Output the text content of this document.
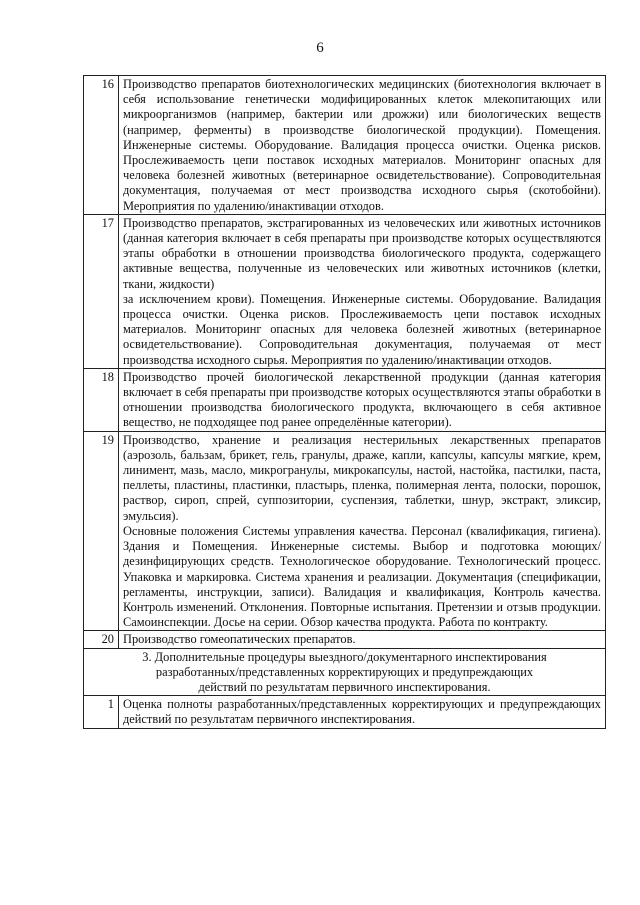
6
16	Производство препаратов биотехнологических медицинских (биотехнология включает в себя использование генетически модифицированных клеток млекопитающих или микроорганизмов (например, бактерии или дрожжи) или биологических веществ (например, ферменты) в производстве биологической продукции). Помещения. Инженерные системы. Оборудование. Валидация процесса очистки. Оценка рисков. Прослеживаемость цепи поставок исходных материалов. Мониторинг опасных для человека болезней животных (ветеринарное освидетельствование). Сопроводительная документация, получаемая от мест производства исходного сырья (скотобойни). Мероприятия по удалению/инактивации отходов.

17	Производство препаратов, экстрагированных из человеческих или животных источников (данная категория включает в себя препараты при производстве которых осуществляются этапы обработки в отношении производства биологического продукта, содержащего активные вещества, полученные из человеческих или животных источников (клетки, ткани, жидкости)
за исключением крови). Помещения. Инженерные системы. Оборудование. Валидация процесса очистки. Оценка рисков. Прослеживаемость цепи поставок исходных материалов. Мониторинг опасных для человека болезней животных (ветеринарное освидетельствование). Сопроводительная документация, получаемая от мест производства исходного сырья. Мероприятия по удалению/инактивации отходов.

18	Производство прочей биологической лекарственной продукции (данная категория включает в себя препараты при производстве которых осуществляются этапы обработки в отношении производства биологического продукта, включающего в себя активное вещество, не подходящее под ранее определённые категории).

19	Производство, хранение и реализация нестерильных лекарственных препаратов (аэрозоль, бальзам, брикет, гель, гранулы, драже, капли, капсулы, капсулы мягкие, крем, линимент, мазь, масло, микрогранулы, микрокапсулы, настой, настойка, пастилки, паста, пеллеты, пластины, пластинки, пластырь, пленка, полимерная лента, полоски, порошок, раствор, сироп, спрей, суппозитории, суспензия, таблетки, шнур, экстракт, эликсир, эмульсия).
Основные положения Системы управления качества. Персонал (квалификация, гигиена). Здания и Помещения. Инженерные системы. Выбор и подготовка моющих/дезинфицирующих средств. Технологическое оборудование. Технологический процесс. Упаковка и маркировка. Система хранения и реализации. Документация (спецификации, регламенты, инструкции, записи). Валидация и квалификация, Контроль качества. Контроль изменений. Отклонения. Повторные испытания. Претензии и отзыв продукции. Самоинспекции. Досье на серии. Обзор качества продукта. Работа по контракту.

20	Производство гомеопатических препаратов.

3. Дополнительные процедуры выездного/документарного инспектирования
разработанных/представленных корректирующих и предупреждающих
действий по результатам первичного инспектирования.	

1	Оценка полноты разработанных/представленных корректирующих и предупреждающих действий по результатам первичного инспектирования.
